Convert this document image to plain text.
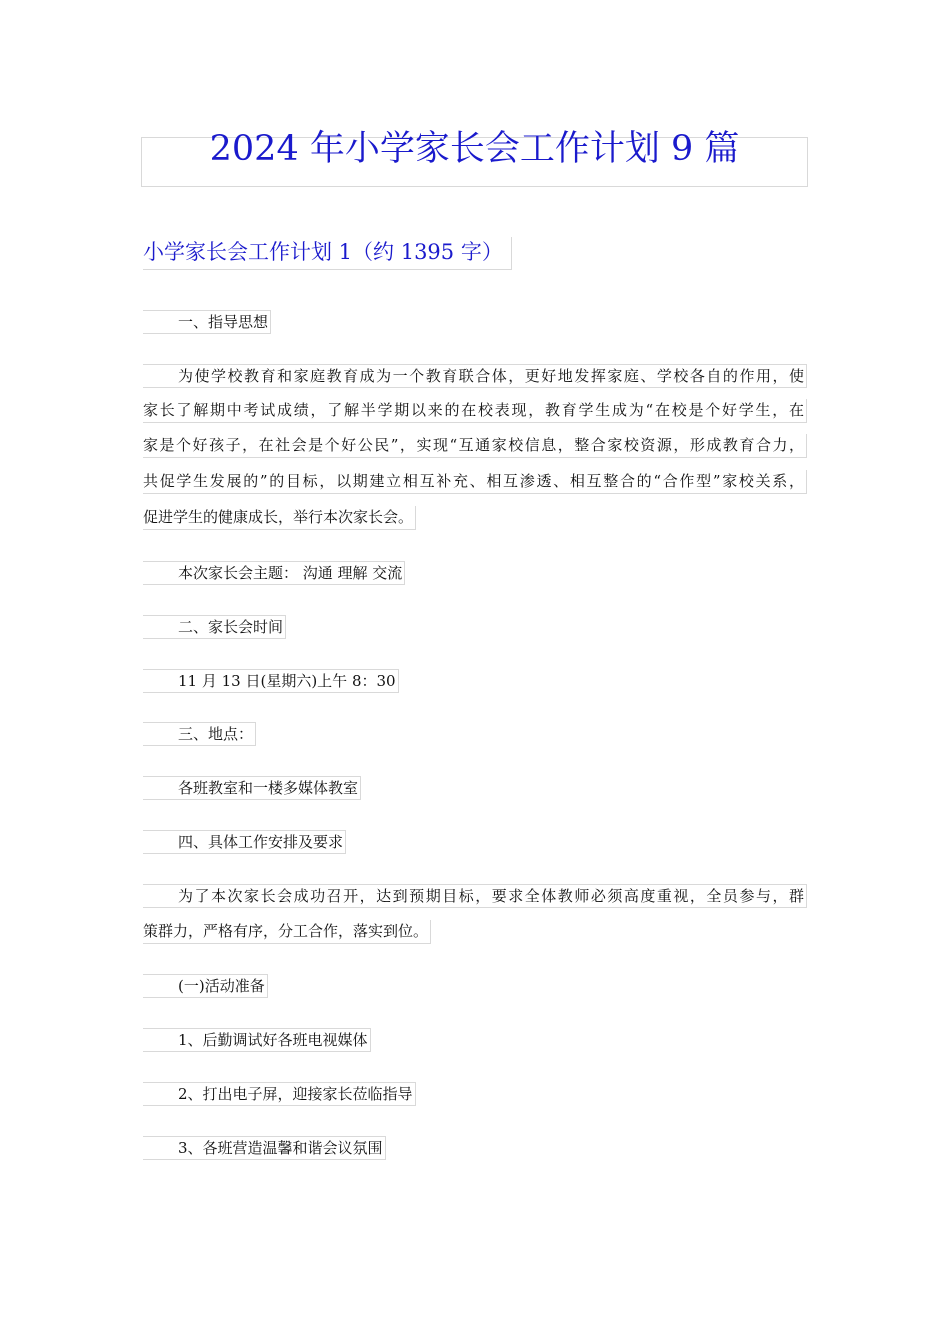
2024 年小学家长会工作计划 9 篇
小学家长会工作计划 1（约 1395 字）
一、指导思想
为使学校教育和家庭教育成为一个教育联合体，更好地发挥家庭、学校各自的作用，使
家长了解期中考试成绩，了解半学期以来的在校表现，教育学生成为“在校是个好学生，在
家是个好孩子，在社会是个好公民”，实现“互通家校信息，整合家校资源，形成教育合力，
共促学生发展的”的目标，以期建立相互补充、相互渗透、相互整合的“合作型”家校关系，
促进学生的健康成长，举行本次家长会。
本次家长会主题： 沟通 理解 交流
二、家长会时间
11 月 13 日(星期六)上午 8：30
三、地点：
各班教室和一楼多媒体教室
四、具体工作安排及要求
为了本次家长会成功召开，达到预期目标，要求全体教师必须高度重视，全员参与，群
策群力，严格有序，分工合作，落实到位。
(一)活动准备
1、后勤调试好各班电视媒体
2、打出电子屏，迎接家长莅临指导
3、各班营造温馨和谐会议氛围
